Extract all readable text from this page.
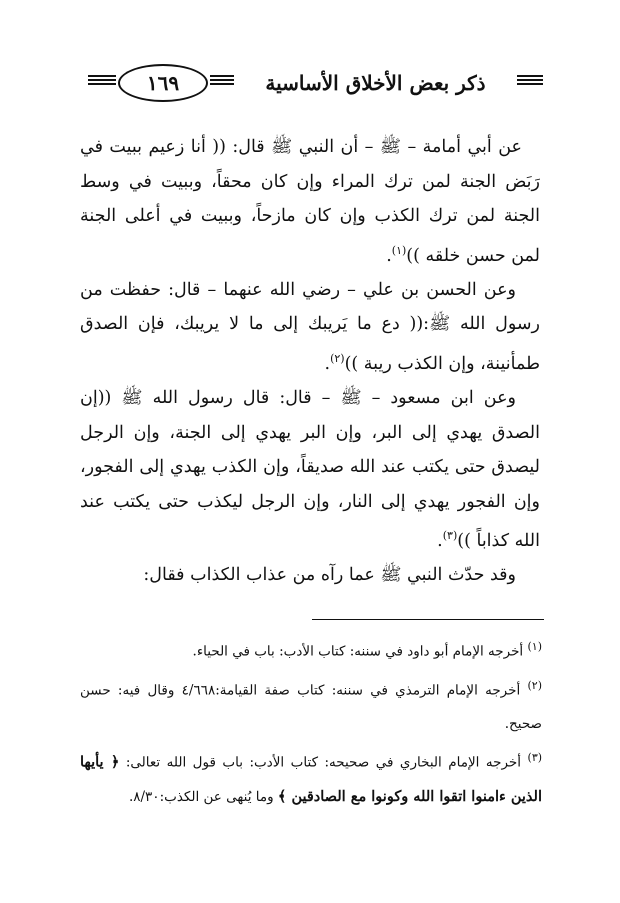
١٦٩	ذكر بعض الأخلاق الأساسية

عن أبي أمامة – ﷺ – أن النبي ﷺ قال: (( أنا زعيم ببيت في رَبَض الجنة لمن ترك المراء وإن كان محقاً، وببيت في وسط الجنة لمن ترك الكذب وإن كان مازحاً، وببيت في أعلى الجنة لمن حسن خلقه ))$^{(١)}$.

وعن الحسن بن علي – رضي الله عنهما – قال: حفظت من رسول الله ﷺ:(( دع ما يَريبك إلى ما لا يريبك، فإن الصدق طمأنينة، وإن الكذب ريبة ))$^{(٢)}$.

وعن ابن مسعود – ﷺ – قال: قال رسول الله ﷺ ((إن الصدق يهدي إلى البر، وإن البر يهدي إلى الجنة، وإن الرجل ليصدق حتى يكتب عند الله صديقاً، وإن الكذب يهدي إلى الفجور، وإن الفجور يهدي إلى النار، وإن الرجل ليكذب حتى يكتب عند الله كذاباً ))$^{(٣)}$.

وقد حدّث النبي ﷺ عما رآه من عذاب الكذاب فقال:

$^{(١)}$ أخرجه الإمام أبو داود في سننه: كتاب الأدب: باب في الحياء.

$^{(٢)}$ أخرجه الإمام الترمذي في سننه: كتاب صفة القيامة:٤/٦٦٨ وقال فيه: حسن صحيح.

$^{(٣)}$ أخرجه الإمام البخاري في صحيحه: كتاب الأدب: باب قول الله تعالى: ﴿ يأيها الذين ءامنوا اتقوا الله وكونوا مع الصادقين ﴾ وما يُنهى عن الكذب:٨/٣٠.
